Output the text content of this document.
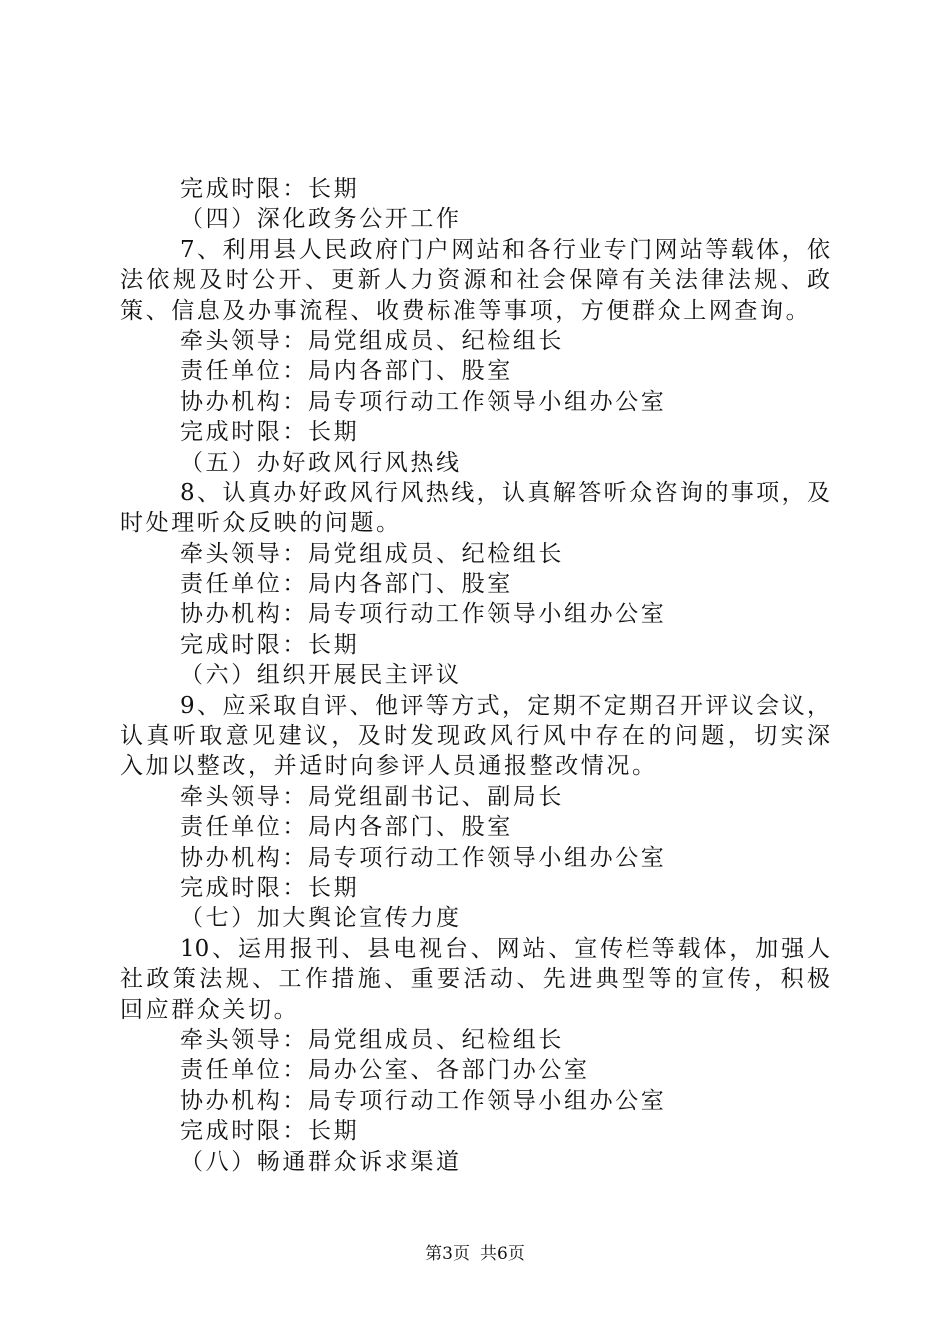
完成时限：长期
（四）深化政务公开工作
7、利用县人民政府门户网站和各行业专门网站等载体，依
法依规及时公开、更新人力资源和社会保障有关法律法规、政
策、信息及办事流程、收费标准等事项，方便群众上网查询。
牵头领导：局党组成员、纪检组长
责任单位：局内各部门、股室
协办机构：局专项行动工作领导小组办公室
完成时限：长期
（五）办好政风行风热线
8、认真办好政风行风热线，认真解答听众咨询的事项，及
时处理听众反映的问题。
牵头领导：局党组成员、纪检组长
责任单位：局内各部门、股室
协办机构：局专项行动工作领导小组办公室
完成时限：长期
（六）组织开展民主评议
9、应采取自评、他评等方式，定期不定期召开评议会议，
认真听取意见建议，及时发现政风行风中存在的问题，切实深
入加以整改，并适时向参评人员通报整改情况。
牵头领导：局党组副书记、副局长
责任单位：局内各部门、股室
协办机构：局专项行动工作领导小组办公室
完成时限：长期
（七）加大舆论宣传力度
10、运用报刊、县电视台、网站、宣传栏等载体，加强人
社政策法规、工作措施、重要活动、先进典型等的宣传，积极
回应群众关切。
牵头领导：局党组成员、纪检组长
责任单位：局办公室、各部门办公室
协办机构：局专项行动工作领导小组办公室
完成时限：长期
（八）畅通群众诉求渠道
第3页 共6页
